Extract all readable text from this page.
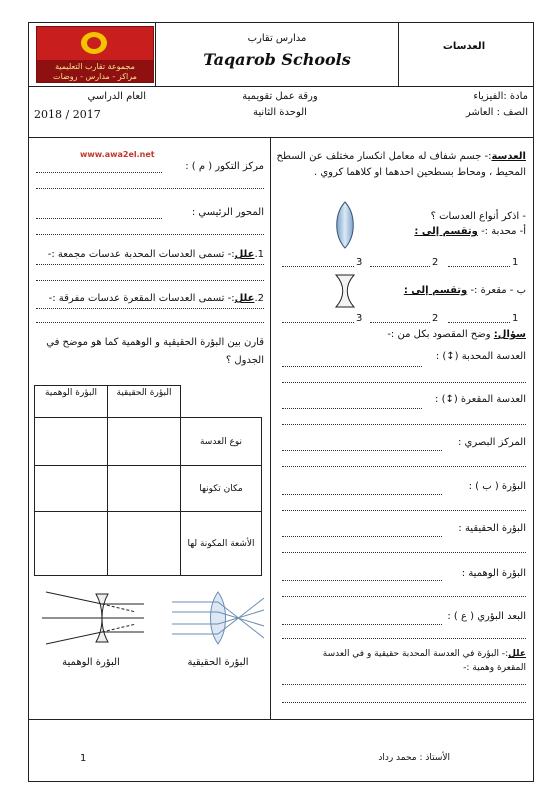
مجموعة تقارب التعليمية
مراكز - مدارس - روضات
مدارس تقارب
Taqarob Schools
العدسات
مادة :الفيزياء
الصف : العاشر
ورقة عمل تقويمية
الوحدة الثانية
العام الدراسي
2018 / 2017
العدسة:- جسم شفاف له معامل انكسار مختلف عن السطح
المحيط ، ومحاط بسطحين احدهما او كلاهما كروي .
- اذكر أنواع العدسات ؟
أ- محدبة :- وتقسم إلى :
1
2
3
ب - مقعرة :- وتقسم إلى :
1
2
3
سؤال: وضح المقصود بكل من :-
العدسة المحدبة (↕) :
العدسة المقعرة (↕) :
المركز البصري :
البؤرة ( ب ) :
البؤرة الحقيقية :
البؤرة الوهمية :
البعد البؤري ( ع ) :
علل:- البؤرة في العدسة المحدبة حقيقية و في العدسة
المقعرة وهمية :-
www.awa2el.net
مركز التكور ( م ) :
المحور الرئيسي :
1.علل:- تسمى العدسات المحدبة عدسات مجمعة :-
2.علل:- تسمى العدسات المقعرة عدسات مفرقة :-
قارن بين البؤرة الحقيقية و الوهمية كما هو موضح في
الجدول ؟
البؤرة الوهمية	البؤرة الحقيقية	

		نوع العدسة

		مكان تكونها

		الأشعة المكونة لها
البؤرة الوهمية	البؤرة الحقيقية
1	الأستاذ : محمد رداد
